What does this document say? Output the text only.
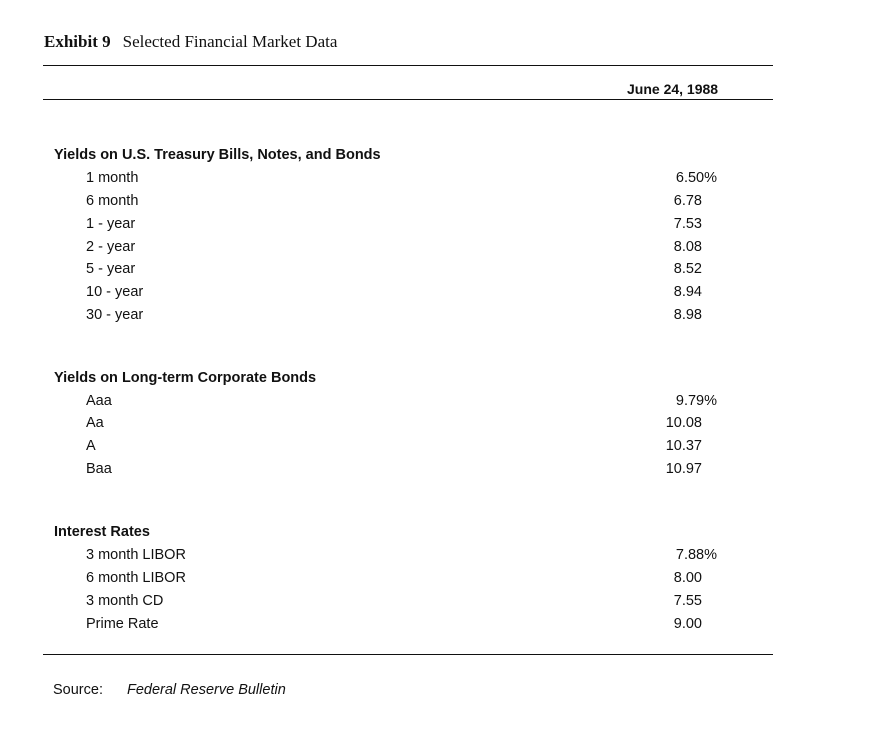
Exhibit 9 Selected Financial Market Data
June 24, 1988
Yields on U.S. Treasury Bills, Notes, and Bonds
1 month	6.50%
6 month	6.78
1 - year	7.53
2 - year	8.08
5 - year	8.52
10 - year	8.94
30 - year	8.98
Yields on Long-term Corporate Bonds
Aaa	9.79%
Aa	10.08
A	10.37
Baa	10.97
Interest Rates
3 month LIBOR	7.88%
6 month LIBOR	8.00
3 month CD	7.55
Prime Rate	9.00
Source: Federal Reserve Bulletin
